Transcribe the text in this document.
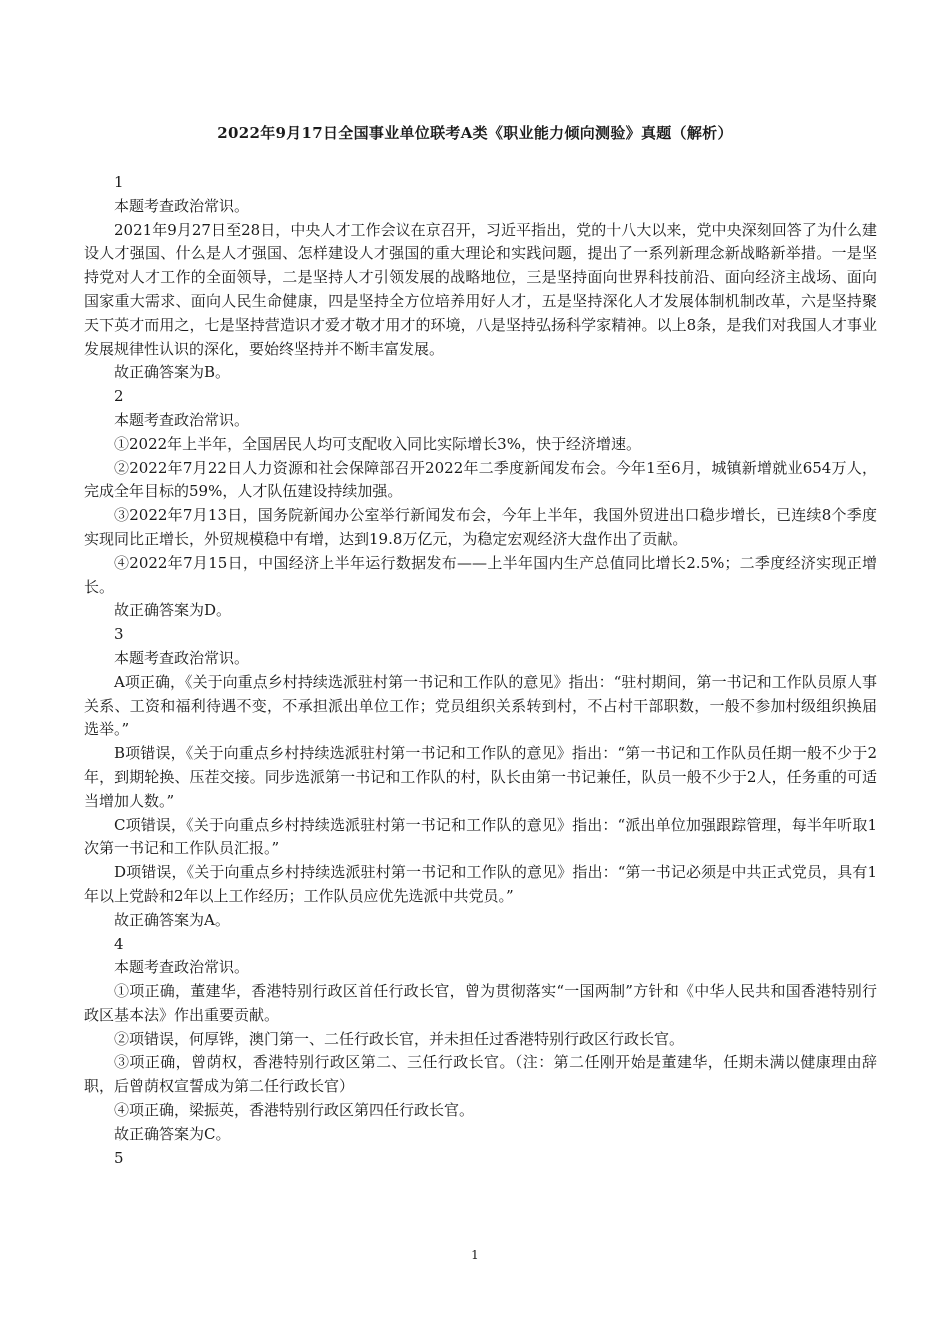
2022年9月17日全国事业单位联考A类《职业能力倾向测验》真题（解析）

1

本题考查政治常识。

2021年9月27日至28日，中央人才工作会议在京召开，习近平指出，党的十八大以来，党中央深刻回答了为什么建设人才强国、什么是人才强国、怎样建设人才强国的重大理论和实践问题，提出了一系列新理念新战略新举措。一是坚持党对人才工作的全面领导，二是坚持人才引领发展的战略地位，三是坚持面向世界科技前沿、面向经济主战场、面向国家重大需求、面向人民生命健康，四是坚持全方位培养用好人才，五是坚持深化人才发展体制机制改革，六是坚持聚天下英才而用之，七是坚持营造识才爱才敬才用才的环境，八是坚持弘扬科学家精神。以上8条，是我们对我国人才事业发展规律性认识的深化，要始终坚持并不断丰富发展。

故正确答案为B。

2

本题考查政治常识。

①2022年上半年，全国居民人均可支配收入同比实际增长3%，快于经济增速。

②2022年7月22日人力资源和社会保障部召开2022年二季度新闻发布会。今年1至6月，城镇新增就业654万人，完成全年目标的59%，人才队伍建设持续加强。

③2022年7月13日，国务院新闻办公室举行新闻发布会，今年上半年，我国外贸进出口稳步增长，已连续8个季度实现同比正增长，外贸规模稳中有增，达到19.8万亿元，为稳定宏观经济大盘作出了贡献。

④2022年7月15日，中国经济上半年运行数据发布——上半年国内生产总值同比增长2.5%；二季度经济实现正增长。

故正确答案为D。

3

本题考查政治常识。

A项正确，《关于向重点乡村持续选派驻村第一书记和工作队的意见》指出：“驻村期间，第一书记和工作队员原人事关系、工资和福利待遇不变，不承担派出单位工作；党员组织关系转到村，不占村干部职数，一般不参加村级组织换届选举。”

B项错误，《关于向重点乡村持续选派驻村第一书记和工作队的意见》指出：“第一书记和工作队员任期一般不少于2年，到期轮换、压茬交接。同步选派第一书记和工作队的村，队长由第一书记兼任，队员一般不少于2人，任务重的可适当增加人数。”

C项错误，《关于向重点乡村持续选派驻村第一书记和工作队的意见》指出：“派出单位加强跟踪管理，每半年听取1次第一书记和工作队员汇报。”

D项错误，《关于向重点乡村持续选派驻村第一书记和工作队的意见》指出：“第一书记必须是中共正式党员，具有1年以上党龄和2年以上工作经历；工作队员应优先选派中共党员。”

故正确答案为A。

4

本题考查政治常识。

①项正确，董建华，香港特别行政区首任行政长官，曾为贯彻落实“一国两制”方针和《中华人民共和国香港特别行政区基本法》作出重要贡献。

②项错误，何厚铧，澳门第一、二任行政长官，并未担任过香港特别行政区行政长官。

③项正确，曾荫权，香港特别行政区第二、三任行政长官。（注：第二任刚开始是董建华，任期未满以健康理由辞职，后曾荫权宣誓成为第二任行政长官）

④项正确，梁振英，香港特别行政区第四任行政长官。

故正确答案为C。

5

1
